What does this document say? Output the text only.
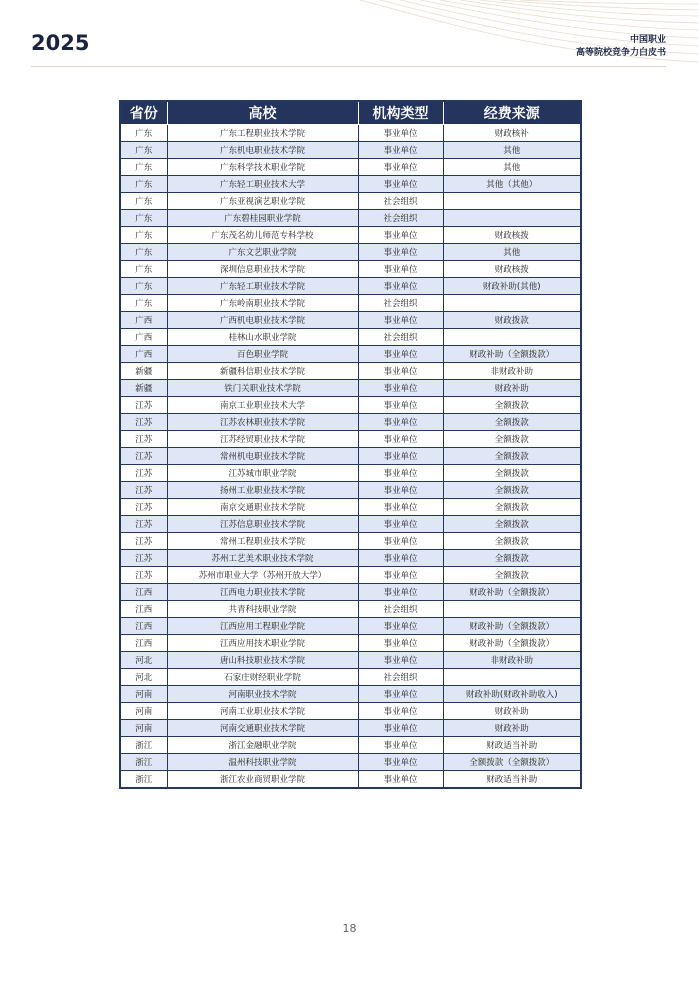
2025	中国职业
高等院校竞争力白皮书
省份	高校	机构类型	经费来源
广东	广东工程职业技术学院	事业单位	财政核补
广东	广东机电职业技术学院	事业单位	其他
广东	广东科学技术职业学院	事业单位	其他
广东	广东轻工职业技术大学	事业单位	其他（其他）
广东	广东亚视演艺职业学院	社会组织	
广东	广东碧桂园职业学院	社会组织	
广东	广东茂名幼儿师范专科学校	事业单位	财政核拨
广东	广东文艺职业学院	事业单位	其他
广东	深圳信息职业技术学院	事业单位	财政核拨
广东	广东轻工职业技术学院	事业单位	财政补助(其他)
广东	广东岭南职业技术学院	社会组织	
广西	广西机电职业技术学院	事业单位	财政拨款
广西	桂林山水职业学院	社会组织	
广西	百色职业学院	事业单位	财政补助（全额拨款）
新疆	新疆科信职业技术学院	事业单位	非财政补助
新疆	铁门关职业技术学院	事业单位	财政补助
江苏	南京工业职业技术大学	事业单位	全额拨款
江苏	江苏农林职业技术学院	事业单位	全额拨款
江苏	江苏经贸职业技术学院	事业单位	全额拨款
江苏	常州机电职业技术学院	事业单位	全额拨款
江苏	江苏城市职业学院	事业单位	全额拨款
江苏	扬州工业职业技术学院	事业单位	全额拨款
江苏	南京交通职业技术学院	事业单位	全额拨款
江苏	江苏信息职业技术学院	事业单位	全额拨款
江苏	常州工程职业技术学院	事业单位	全额拨款
江苏	苏州工艺美术职业技术学院	事业单位	全额拨款
江苏	苏州市职业大学（苏州开放大学）	事业单位	全额拨款
江西	江西电力职业技术学院	事业单位	财政补助（全额拨款）
江西	共青科技职业学院	社会组织	
江西	江西应用工程职业学院	事业单位	财政补助（全额拨款）
江西	江西应用技术职业学院	事业单位	财政补助（全额拨款）
河北	唐山科技职业技术学院	事业单位	非财政补助
河北	石家庄财经职业学院	社会组织	
河南	河南职业技术学院	事业单位	财政补助(财政补助收入)
河南	河南工业职业技术学院	事业单位	财政补助
河南	河南交通职业技术学院	事业单位	财政补助
浙江	浙江金融职业学院	事业单位	财政适当补助
浙江	温州科技职业学院	事业单位	全额拨款（全额拨款）
浙江	浙江农业商贸职业学院	事业单位	财政适当补助
18
